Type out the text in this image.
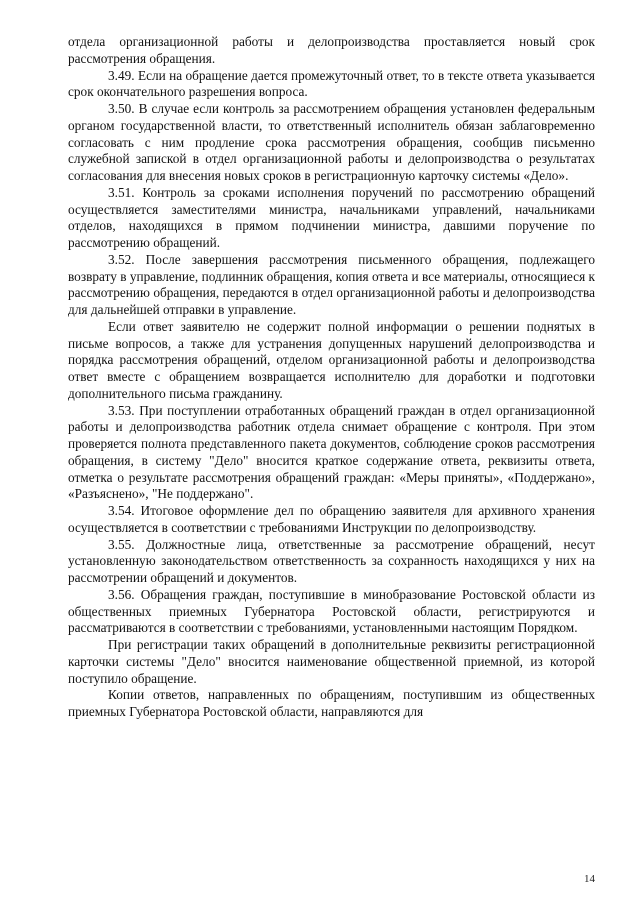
отдела организационной работы и делопроизводства проставляется новый срок рассмотрения обращения.

3.49. Если на обращение дается промежуточный ответ, то в тексте ответа указывается срок окончательного разрешения вопроса.

3.50. В случае если контроль за рассмотрением обращения установлен федеральным органом государственной власти, то ответственный исполнитель обязан заблаговременно согласовать с ним продление срока рассмотрения обращения, сообщив письменно служебной запиской в отдел организационной работы и делопроизводства о результатах согласования для внесения новых сроков в регистрационную карточку системы «Дело».

3.51. Контроль за сроками исполнения поручений по рассмотрению обращений осуществляется заместителями министра, начальниками управлений, начальниками отделов, находящихся в прямом подчинении министра, давшими поручение по рассмотрению обращений.

3.52. После завершения рассмотрения письменного обращения, подлежащего возврату в управление, подлинник обращения, копия ответа и все материалы, относящиеся к рассмотрению обращения, передаются в отдел организационной работы и делопроизводства для дальнейшей отправки в управление.

Если ответ заявителю не содержит полной информации о решении поднятых в письме вопросов, а также для устранения допущенных нарушений делопроизводства и порядка рассмотрения обращений, отделом организационной работы и делопроизводства ответ вместе с обращением возвращается исполнителю для доработки и подготовки дополнительного письма гражданину.

3.53. При поступлении отработанных обращений граждан в отдел организационной работы и делопроизводства работник отдела снимает обращение с контроля. При этом проверяется полнота представленного пакета документов, соблюдение сроков рассмотрения обращения, в систему "Дело" вносится краткое содержание ответа, реквизиты ответа, отметка о результате рассмотрения обращений граждан: «Меры приняты», «Поддержано», «Разъяснено», "Не поддержано".

3.54. Итоговое оформление дел по обращению заявителя для архивного хранения осуществляется в соответствии с требованиями Инструкции по делопроизводству.

3.55. Должностные лица, ответственные за рассмотрение обращений, несут установленную законодательством ответственность за сохранность находящихся у них на рассмотрении обращений и документов.

3.56. Обращения граждан, поступившие в минобразование Ростовской области из общественных приемных Губернатора Ростовской области, регистрируются и рассматриваются в соответствии с требованиями, установленными настоящим Порядком.

При регистрации таких обращений в дополнительные реквизиты регистрационной карточки системы "Дело" вносится наименование общественной приемной, из которой поступило обращение.

Копии ответов, направленных по обращениям, поступившим из общественных приемных Губернатора Ростовской области, направляются для

14
